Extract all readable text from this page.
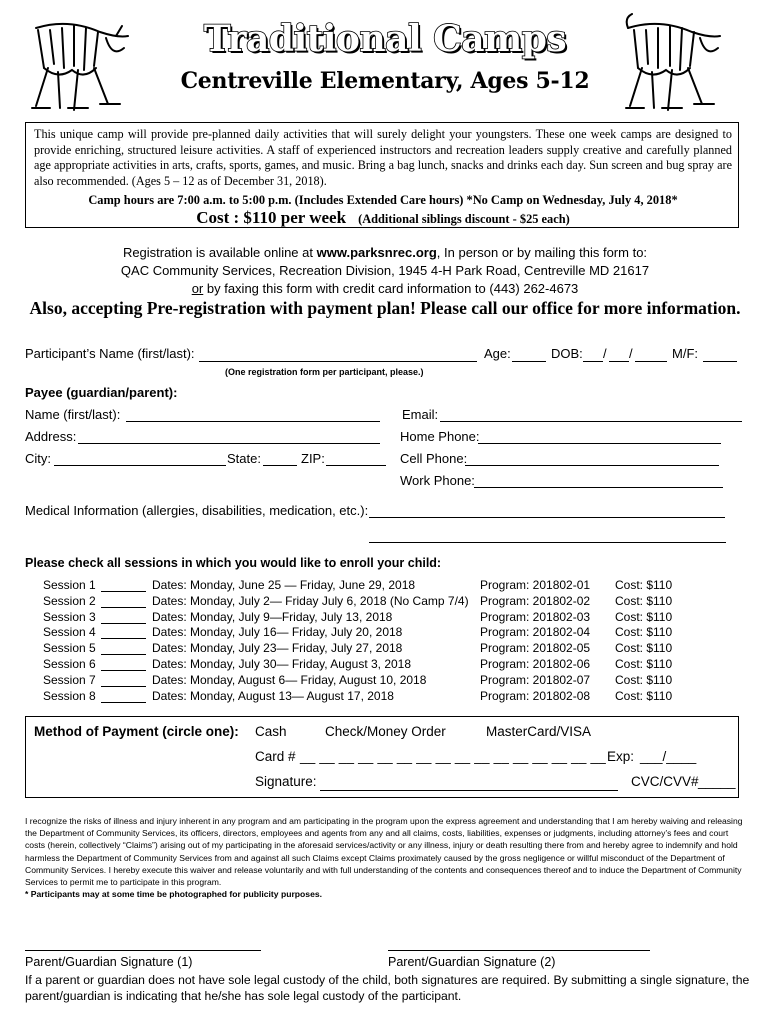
Traditional Camps
Centreville Elementary, Ages 5-12
This unique camp will provide pre-planned daily activities that will surely delight your youngsters. These one week camps are designed to provide enriching, structured leisure activities. A staff of experienced instructors and recreation leaders supply creative and carefully planned age appropriate activities in arts, crafts, sports, games, and music. Bring a bag lunch, snacks and drinks each day. Sun screen and bug spray are also recommended. (Ages 5 – 12 as of December 31, 2018).
Camp hours are 7:00 a.m. to 5:00 p.m. (Includes Extended Care hours) *No Camp on Wednesday, July 4, 2018*
Cost : $110 per week (Additional siblings discount - $25 each)
Registration is available online at www.parksnrec.org, In person or by mailing this form to:
QAC Community Services, Recreation Division, 1945 4-H Park Road, Centreville MD 21617
or by faxing this form with credit card information to (443) 262-4673
Also, accepting Pre-registration with payment plan! Please call our office for more information.
Participant’s Name (first/last):	Age:	DOB: / /	M/F:
(One registration form per participant, please.)
Payee (guardian/parent):
Name (first/last):	Email:
Address:	Home Phone:
City:	State:	ZIP:	Cell Phone:
Work Phone:
Medical Information (allergies, disabilities, medication, etc.):
Please check all sessions in which you would like to enroll your child:
Session 1	Dates: Monday, June 25 — Friday, June 29, 2018	Program: 201802-01 Cost: $110
Session 2	Dates: Monday, July 2— Friday July 6, 2018 (No Camp 7/4) Program: 201802-02 Cost: $110
Session 3	Dates: Monday, July 9—Friday, July 13, 2018	Program: 201802-03 Cost: $110
Session 4	Dates: Monday, July 16— Friday, July 20, 2018	Program: 201802-04 Cost: $110
Session 5	Dates: Monday, July 23— Friday, July 27, 2018	Program: 201802-05 Cost: $110
Session 6	Dates: Monday, July 30— Friday, August 3, 2018	Program: 201802-06 Cost: $110
Session 7	Dates: Monday, August 6— Friday, August 10, 2018	Program: 201802-07 Cost: $110
Session 8	Dates: Monday, August 13— August 17, 2018	Program: 201802-08 Cost: $110
Method of Payment (circle one): Cash	Check/Money Order	MasterCard/VISA
Card # __ __ __ __ __ __ __ __ __ __ __ __ __ __ __ __ Exp: ___/____
Signature:	CVC/CVV# _____
I recognize the risks of illness and injury inherent in any program and am participating in the program upon the express agreement and understanding that I am hereby waiving and releasing the Department of Community Services, its officers, directors, employees and agents from any and all claims, costs, liabilities, expenses or judgments, including attorney’s fees and court costs (herein, collectively “Claims”) arising out of my participating in the aforesaid services/activity or any illness, injury or death resulting there from and hereby agree to indemnify and hold harmless the Department of Community Services from and against all such Claims except Claims proximately caused by the gross negligence or willful misconduct of the Department of Community Services. I hereby execute this waiver and release voluntarily and with full understanding of the contents and consequences thereof and to induce the Department of Community Services to permit me to participate in this program.
* Participants may at some time be photographed for publicity purposes.
Parent/Guardian Signature (1)	Parent/Guardian Signature (2)
If a parent or guardian does not have sole legal custody of the child, both signatures are required. By submitting a single signature, the parent/guardian is indicating that he/she has sole legal custody of the participant.
